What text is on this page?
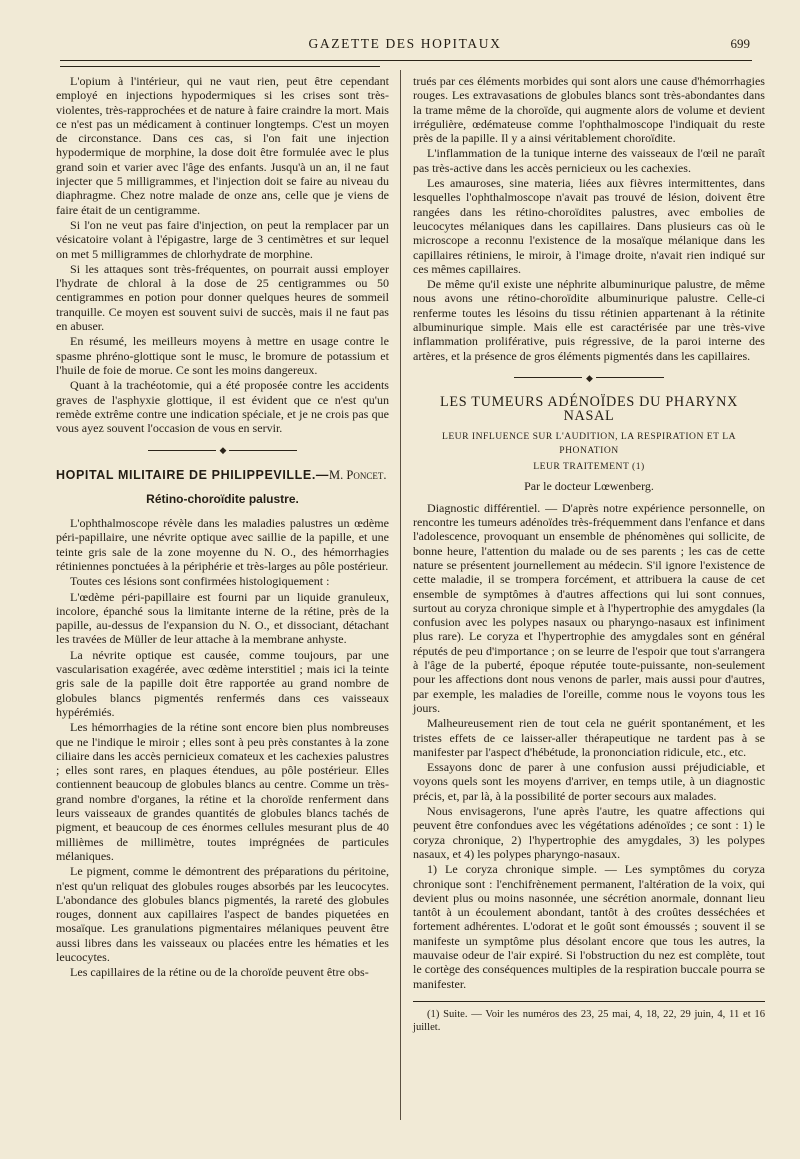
GAZETTE DES HOPITAUX	699

L'opium à l'intérieur, qui ne vaut rien, peut être cependant employé en injections hypodermiques si les crises sont très-violentes, très-rapprochées et de nature à faire craindre la mort. Mais ce n'est pas un médicament à continuer longtemps. C'est un moyen de circonstance. Dans ces cas, si l'on fait une injection hypodermique de morphine, la dose doit être formulée avec le plus grand soin et varier avec l'âge des enfants. Jusqu'à un an, il ne faut injecter que 5 milligrammes, et l'injection doit se faire au niveau du diaphragme. Chez notre malade de onze ans, celle que je viens de faire était de un centigramme.

Si l'on ne veut pas faire d'injection, on peut la remplacer par un vésicatoire volant à l'épigastre, large de 3 centimètres et sur lequel on met 5 milligrammes de chlorhydrate de morphine.

Si les attaques sont très-fréquentes, on pourrait aussi employer l'hydrate de chloral à la dose de 25 centigrammes ou 50 centigrammes en potion pour donner quelques heures de sommeil tranquille. Ce moyen est souvent suivi de succès, mais il ne faut pas en abuser.

En résumé, les meilleurs moyens à mettre en usage contre le spasme phréno-glottique sont le musc, le bromure de potassium et l'huile de foie de morue. Ce sont les moins dangereux.

Quant à la trachéotomie, qui a été proposée contre les accidents graves de l'asphyxie glottique, il est évident que ce n'est qu'un remède extrême contre une indication spéciale, et je ne crois pas que vous ayez souvent l'occasion de vous en servir.

◆
HOPITAL MILITAIRE DE PHILIPPEVILLE.—M. Poncet.
Rétino-choroïdite palustre.

L'ophthalmoscope révèle dans les maladies palustres un œdème péri-papillaire, une névrite optique avec saillie de la papille, et une teinte gris sale de la zone moyenne du N. O., des hémorrhagies rétiniennes ponctuées à la périphérie et très-larges au pôle postérieur.

Toutes ces lésions sont confirmées histologiquement :

L'œdème péri-papillaire est fourni par un liquide granuleux, incolore, épanché sous la limitante interne de la rétine, près de la papille, au-dessus de l'expansion du N. O., et dissociant, détachant les travées de Müller de leur attache à la membrane anhyste.

La névrite optique est causée, comme toujours, par une vascularisation exagérée, avec œdème interstitiel ; mais ici la teinte gris sale de la papille doit être rapportée au grand nombre de globules blancs pigmentés renfermés dans ces vaisseaux hypérémiés.

Les hémorrhagies de la rétine sont encore bien plus nombreuses que ne l'indique le miroir ; elles sont à peu près constantes à la zone ciliaire dans les accès pernicieux comateux et les cachexies palustres ; elles sont rares, en plaques étendues, au pôle postérieur. Elles contiennent beaucoup de globules blancs au centre. Comme un très-grand nombre d'organes, la rétine et la choroïde renferment dans leurs vaisseaux de grandes quantités de globules blancs tachés de pigment, et beaucoup de ces énormes cellules mesurant plus de 40 millièmes de millimètre, toutes imprégnées de particules mélaniques.

Le pigment, comme le démontrent des préparations du péritoine, n'est qu'un reliquat des globules rouges absorbés par les leucocytes. L'abondance des globules blancs pigmentés, la rareté des globules rouges, donnent aux capillaires l'aspect de bandes piquetées en mosaïque. Les granulations pigmentaires mélaniques peuvent être aussi libres dans les vaisseaux ou placées entre les hématies et les leucocytes.

Les capillaires de la rétine ou de la choroïde peuvent être obs-

trués par ces éléments morbides qui sont alors une cause d'hémorrhagies rouges. Les extravasations de globules blancs sont très-abondantes dans la trame même de la choroïde, qui augmente alors de volume et devient irrégulière, œdémateuse comme l'ophthalmoscope l'indiquait du reste près de la papille. Il y a ainsi véritablement choroïdite.

L'inflammation de la tunique interne des vaisseaux de l'œil ne paraît pas très-active dans les accès pernicieux ou les cachexies.

Les amauroses, sine materia, liées aux fièvres intermittentes, dans lesquelles l'ophthalmoscope n'avait pas trouvé de lésion, doivent être rangées dans les rétino-choroïdites palustres, avec embolies de leucocytes mélaniques dans les capillaires. Dans plusieurs cas où le microscope a reconnu l'existence de la mosaïque mélanique dans les capillaires rétiniens, le miroir, à l'image droite, n'avait rien indiqué sur ces mêmes capillaires.

De même qu'il existe une néphrite albuminurique palustre, de même nous avons une rétino-choroïdite albuminurique palustre. Celle-ci renferme toutes les lésoins du tissu rétinien appartenant à la rétinite albuminurique simple. Mais elle est caractérisée par une très-vive inflammation proliférative, puis régressive, de la paroi interne des artères, et la présence de gros éléments pigmentés dans les capillaires.

◆
LES TUMEURS ADÉNOÏDES DU PHARYNX NASAL
LEUR INFLUENCE SUR L'AUDITION, LA RESPIRATION ET LA PHONATION
LEUR TRAITEMENT (1)
Par le docteur Lœwenberg.

Diagnostic différentiel. — D'après notre expérience personnelle, on rencontre les tumeurs adénoïdes très-fréquemment dans l'enfance et dans l'adolescence, provoquant un ensemble de phénomènes qui sollicite, de bonne heure, l'attention du malade ou de ses parents ; les cas de cette nature se présentent journellement au médecin. S'il ignore l'existence de cette maladie, il se trompera forcément, et attribuera la cause de cet ensemble de symptômes à d'autres affections qui lui sont connues, surtout au coryza chronique simple et à l'hypertrophie des amygdales (la confusion avec les polypes nasaux ou pharyngo-nasaux est infiniment plus rare). Le coryza et l'hypertrophie des amygdales sont en général réputés de peu d'importance ; on se leurre de l'espoir que tout s'arrangera à l'âge de la puberté, époque réputée toute-puissante, non-seulement pour les affections dont nous venons de parler, mais aussi pour d'autres, par exemple, les maladies de l'oreille, comme nous le voyons tous les jours.

Malheureusement rien de tout cela ne guérit spontanément, et les tristes effets de ce laisser-aller thérapeutique ne tardent pas à se manifester par l'aspect d'hébétude, la prononciation ridicule, etc., etc.

Essayons donc de parer à une confusion aussi préjudiciable, et voyons quels sont les moyens d'arriver, en temps utile, à un diagnostic précis, et, par là, à la possibilité de porter secours aux malades.

Nous envisagerons, l'une après l'autre, les quatre affections qui peuvent être confondues avec les végétations adénoïdes ; ce sont : 1) le coryza chronique, 2) l'hypertrophie des amygdales, 3) les polypes nasaux, et 4) les polypes pharyngo-nasaux.

1) Le coryza chronique simple. — Les symptômes du coryza chronique sont : l'enchifrènement permanent, l'altération de la voix, qui devient plus ou moins nasonnée, une sécrétion anormale, donnant lieu tantôt à un écoulement abondant, tantôt à des croûtes desséchées et fortement adhérentes. L'odorat et le goût sont émoussés ; souvent il se manifeste un symptôme plus désolant encore que tous les autres, la mauvaise odeur de l'air expiré. Si l'obstruction du nez est complète, tout le cortège des conséquences multiples de la respiration buccale pourra se manifester.

(1) Suite. — Voir les numéros des 23, 25 mai, 4, 18, 22, 29 juin, 4, 11 et 16 juillet.
